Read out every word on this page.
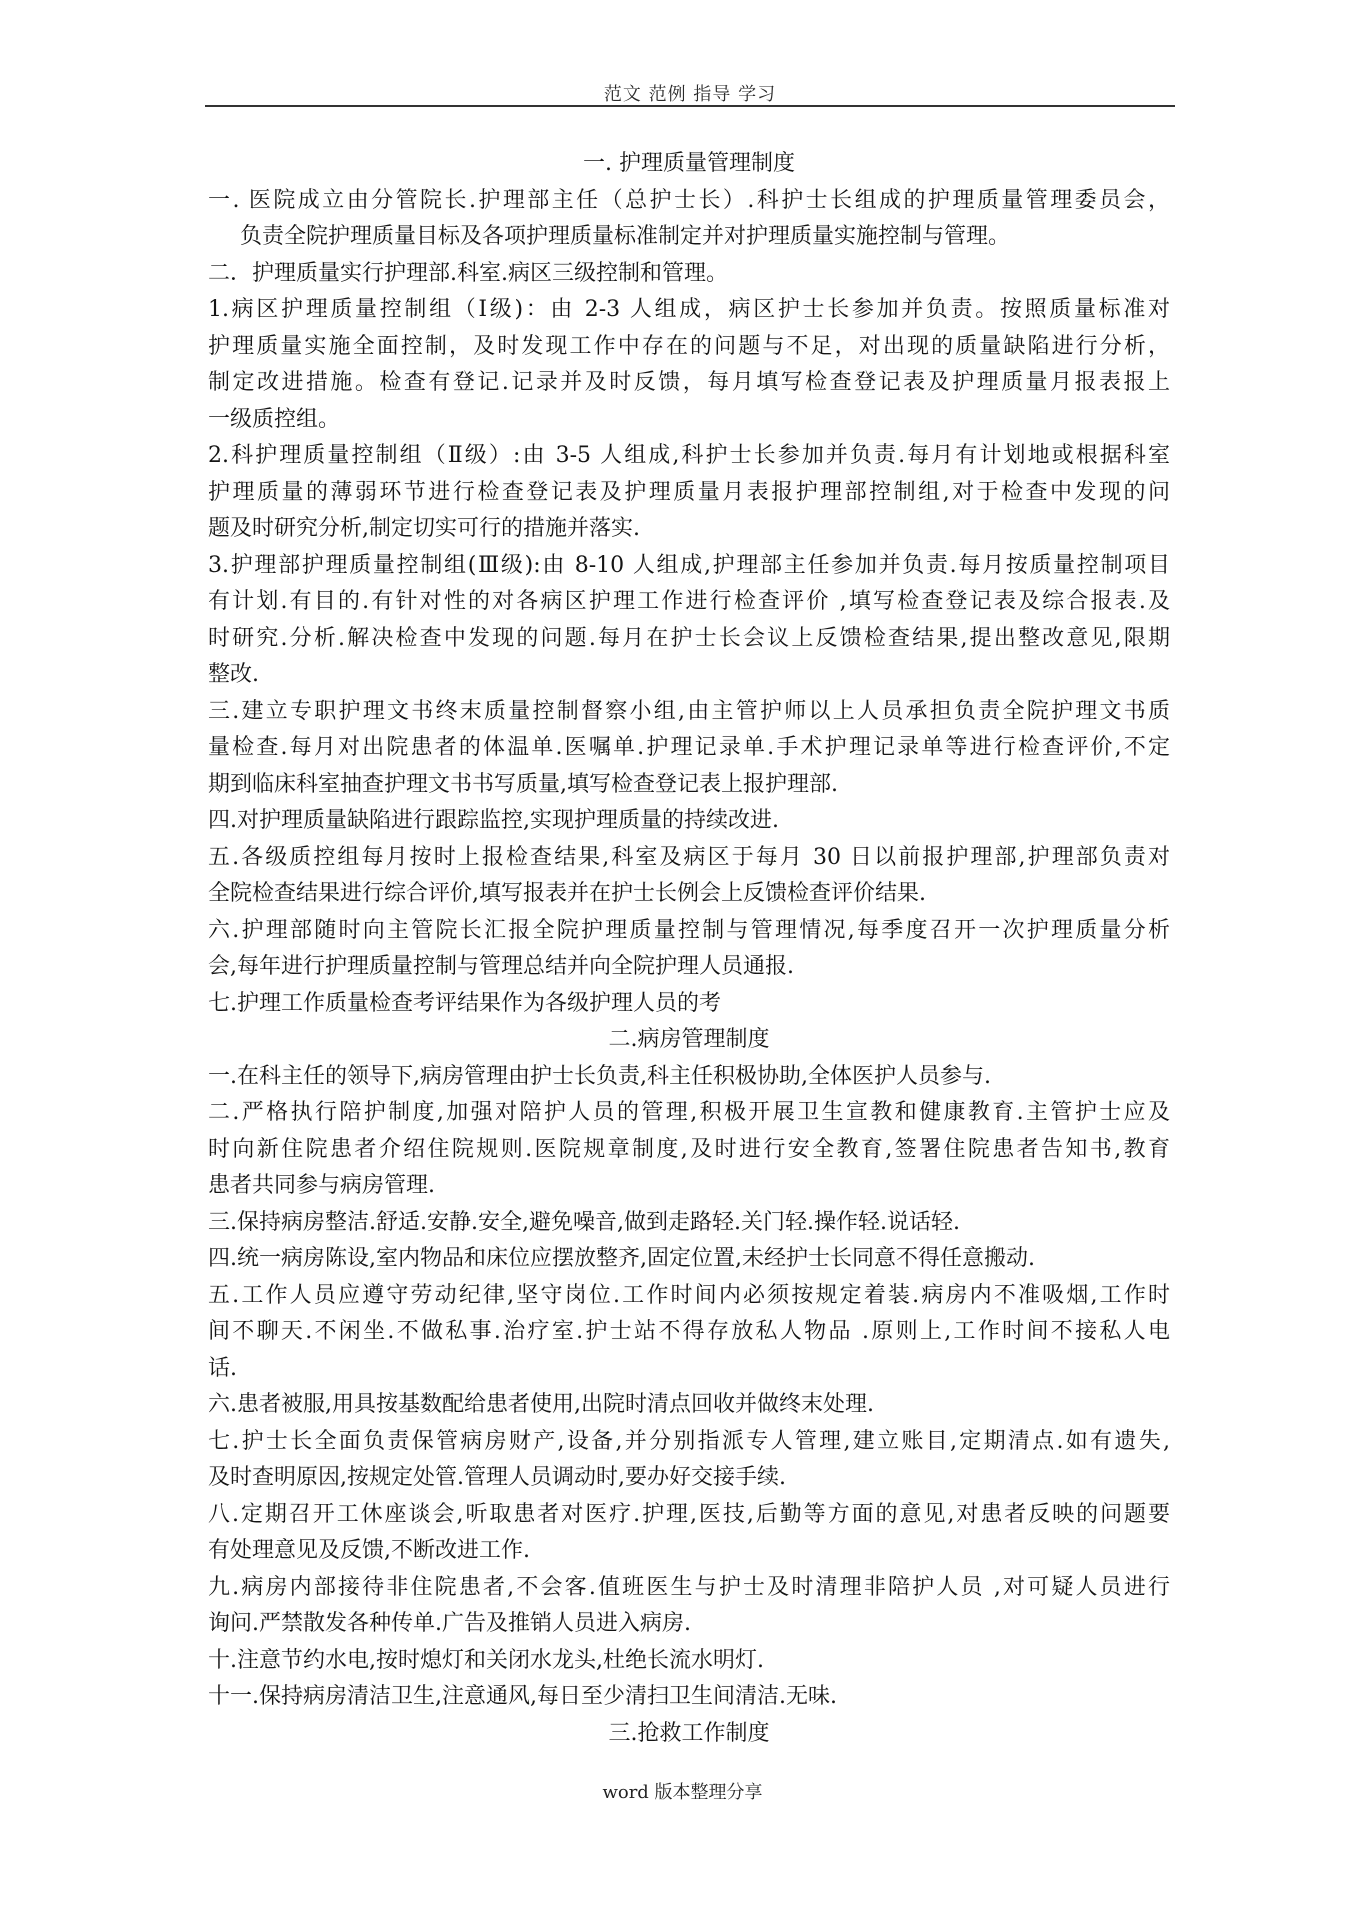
范文 范例 指导 学习
一. 护理质量管理制度
一. 医院成立由分管院长.护理部主任（总护士长）.科护士长组成的护理质量管理委员会，
负责全院护理质量目标及各项护理质量标准制定并对护理质量实施控制与管理。
二．护理质量实行护理部.科室.病区三级控制和管理。
1.病区护理质量控制组（Ⅰ级)：由 2-3 人组成，病区护士长参加并负责。按照质量标准对
护理质量实施全面控制，及时发现工作中存在的问题与不足，对出现的质量缺陷进行分析，
制定改进措施。检查有登记.记录并及时反馈，每月填写检查登记表及护理质量月报表报上
一级质控组。
2.科护理质量控制组（Ⅱ级）:由 3-5 人组成,科护士长参加并负责.每月有计划地或根据科室
护理质量的薄弱环节进行检查登记表及护理质量月表报护理部控制组,对于检查中发现的问
题及时研究分析,制定切实可行的措施并落实.
3.护理部护理质量控制组(Ⅲ级):由 8-10 人组成,护理部主任参加并负责.每月按质量控制项目
有计划.有目的.有针对性的对各病区护理工作进行检查评价 ,填写检查登记表及综合报表.及
时研究.分析.解决检查中发现的问题.每月在护士长会议上反馈检查结果,提出整改意见,限期
整改.
三.建立专职护理文书终末质量控制督察小组,由主管护师以上人员承担负责全院护理文书质
量检查.每月对出院患者的体温单.医嘱单.护理记录单.手术护理记录单等进行检查评价,不定
期到临床科室抽查护理文书书写质量,填写检查登记表上报护理部.
四.对护理质量缺陷进行跟踪监控,实现护理质量的持续改进.
五.各级质控组每月按时上报检查结果,科室及病区于每月 30 日以前报护理部,护理部负责对
全院检查结果进行综合评价,填写报表并在护士长例会上反馈检查评价结果.
六.护理部随时向主管院长汇报全院护理质量控制与管理情况,每季度召开一次护理质量分析
会,每年进行护理质量控制与管理总结并向全院护理人员通报.
七.护理工作质量检查考评结果作为各级护理人员的考
二.病房管理制度
一.在科主任的领导下,病房管理由护士长负责,科主任积极协助,全体医护人员参与.
二.严格执行陪护制度,加强对陪护人员的管理,积极开展卫生宣教和健康教育.主管护士应及
时向新住院患者介绍住院规则.医院规章制度,及时进行安全教育,签署住院患者告知书,教育
患者共同参与病房管理.
三.保持病房整洁.舒适.安静.安全,避免噪音,做到走路轻.关门轻.操作轻.说话轻.
四.统一病房陈设,室内物品和床位应摆放整齐,固定位置,未经护士长同意不得任意搬动.
五.工作人员应遵守劳动纪律,坚守岗位.工作时间内必须按规定着装.病房内不准吸烟,工作时
间不聊天.不闲坐.不做私事.治疗室.护士站不得存放私人物品 .原则上,工作时间不接私人电
话.
六.患者被服,用具按基数配给患者使用,出院时清点回收并做终末处理.
七.护士长全面负责保管病房财产,设备,并分别指派专人管理,建立账目,定期清点.如有遗失,
及时查明原因,按规定处管.管理人员调动时,要办好交接手续.
八.定期召开工休座谈会,听取患者对医疗.护理,医技,后勤等方面的意见,对患者反映的问题要
有处理意见及反馈,不断改进工作.
九.病房内部接待非住院患者,不会客.值班医生与护士及时清理非陪护人员 ,对可疑人员进行
询问.严禁散发各种传单.广告及推销人员进入病房.
十.注意节约水电,按时熄灯和关闭水龙头,杜绝长流水明灯.
十一.保持病房清洁卫生,注意通风,每日至少清扫卫生间清洁.无味.
三.抢救工作制度
word 版本整理分享
